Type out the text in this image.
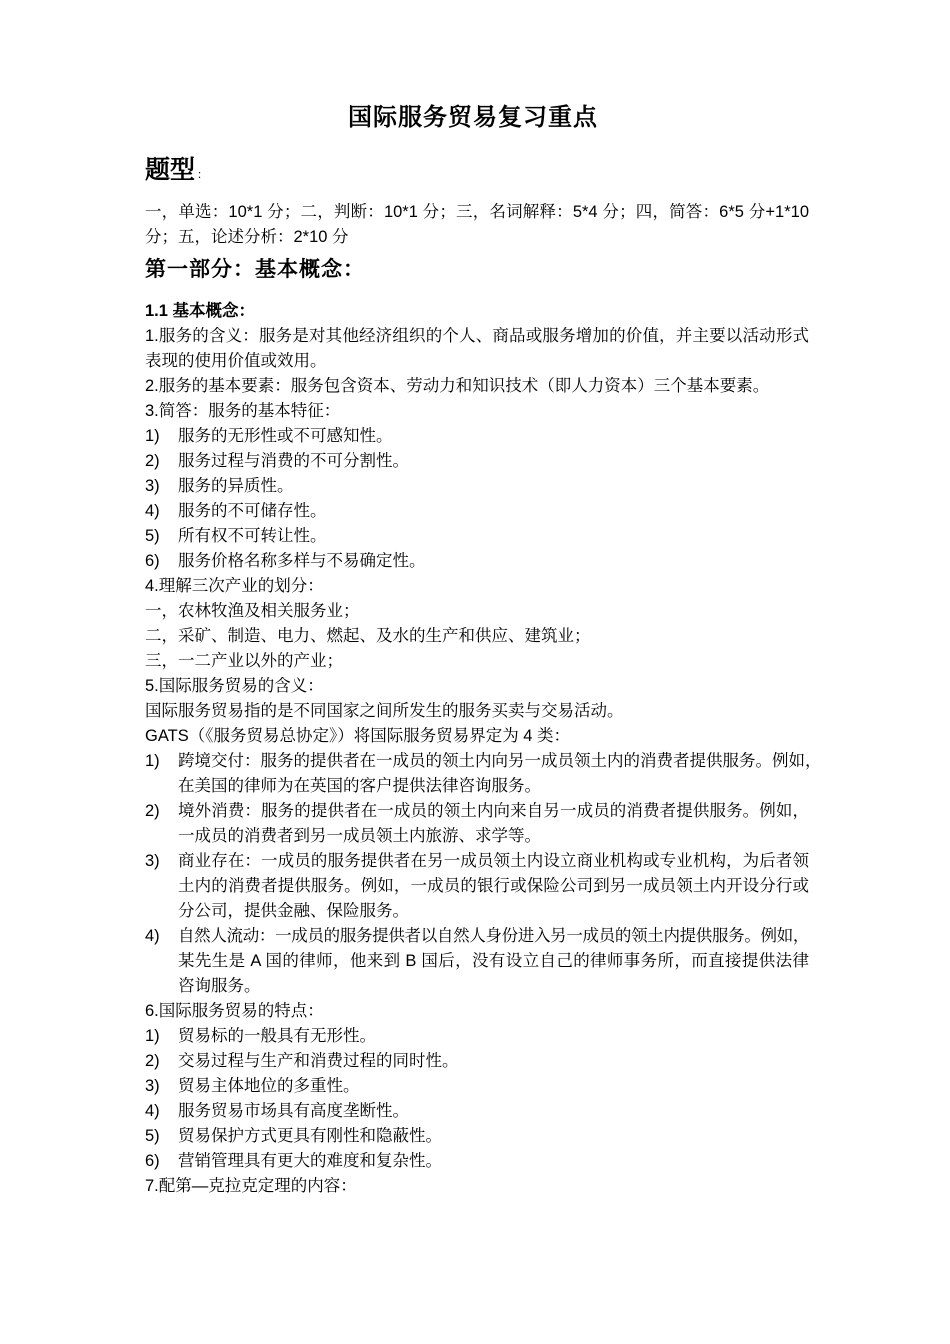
国际服务贸易复习重点
题型 ：
一，单选：10*1 分；二，判断：10*1 分；三，名词解释：5*4 分；四，简答：6*5 分+1*10
分；五，论述分析：2*10 分
第一部分：基本概念：
1.1 基本概念：
1.服务的含义：服务是对其他经济组织的个人、商品或服务增加的价值，并主要以活动形式
表现的使用价值或效用。
2.服务的基本要素：服务包含资本、劳动力和知识技术（即人力资本）三个基本要素。
3.简答：服务的基本特征：
1)	服务的无形性或不可感知性。
2)	服务过程与消费的不可分割性。
3)	服务的异质性。
4)	服务的不可储存性。
5)	所有权不可转让性。
6)	服务价格名称多样与不易确定性。
4.理解三次产业的划分：
一，农林牧渔及相关服务业；
二，采矿、制造、电力、燃起、及水的生产和供应、建筑业；
三，一二产业以外的产业；
5.国际服务贸易的含义：
国际服务贸易指的是不同国家之间所发生的服务买卖与交易活动。
GATS（《服务贸易总协定》）将国际服务贸易界定为 4 类：
1)	跨境交付：服务的提供者在一成员的领土内向另一成员领土内的消费者提供服务。例如，
在美国的律师为在英国的客户提供法律咨询服务。
2)	境外消费：服务的提供者在一成员的领土内向来自另一成员的消费者提供服务。例如，
一成员的消费者到另一成员领土内旅游、求学等。
3)	商业存在：一成员的服务提供者在另一成员领土内设立商业机构或专业机构，为后者领
土内的消费者提供服务。例如，一成员的银行或保险公司到另一成员领土内开设分行或
分公司，提供金融、保险服务。
4)	自然人流动：一成员的服务提供者以自然人身份进入另一成员的领土内提供服务。例如，
某先生是 A 国的律师，他来到 B 国后，没有设立自己的律师事务所，而直接提供法律
咨询服务。
6.国际服务贸易的特点：
1)	贸易标的一般具有无形性。
2)	交易过程与生产和消费过程的同时性。
3)	贸易主体地位的多重性。
4)	服务贸易市场具有高度垄断性。
5)	贸易保护方式更具有刚性和隐蔽性。
6)	营销管理具有更大的难度和复杂性。
7.配第—克拉克定理的内容：
